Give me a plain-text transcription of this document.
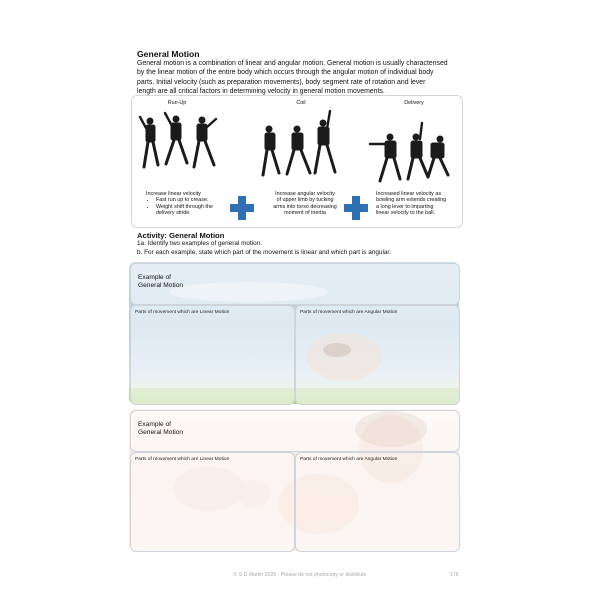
General Motion

General motion is a combination of linear and angular motion. General motion is usually characterised

by the linear motion of the entire body which occurs through the angular motion of individual body

parts. Initial velocity (such as preparation movements), body segment rate of rotation and lever

length are all critical factors in determining velocity in general motion movements.

Run-Up
Increase linear velocity
• Fast run up to crease.
• Weight shift through the
delivery stride.
Coil
Increase angular velocity
of upper limb by tucking
arms into torso decreasing
moment of inertia
Delivery
Increased linear velocity as
bowling arm extends creating
a long lever to imparting
linear velocity to the ball.
Activity: General Motion

1a. Identify two examples of general motion.

b. For each example, state which part of the movement is linear and which part is angular.

Example of
General Motion
Parts of movement which are Linear Motion	Parts of movement which are Angular Motion
Example of
General Motion
Parts of movement which are Linear Motion	Parts of movement which are Angular Motion
© S D Martin 2026 - Please do not photocopy or distribute	176
